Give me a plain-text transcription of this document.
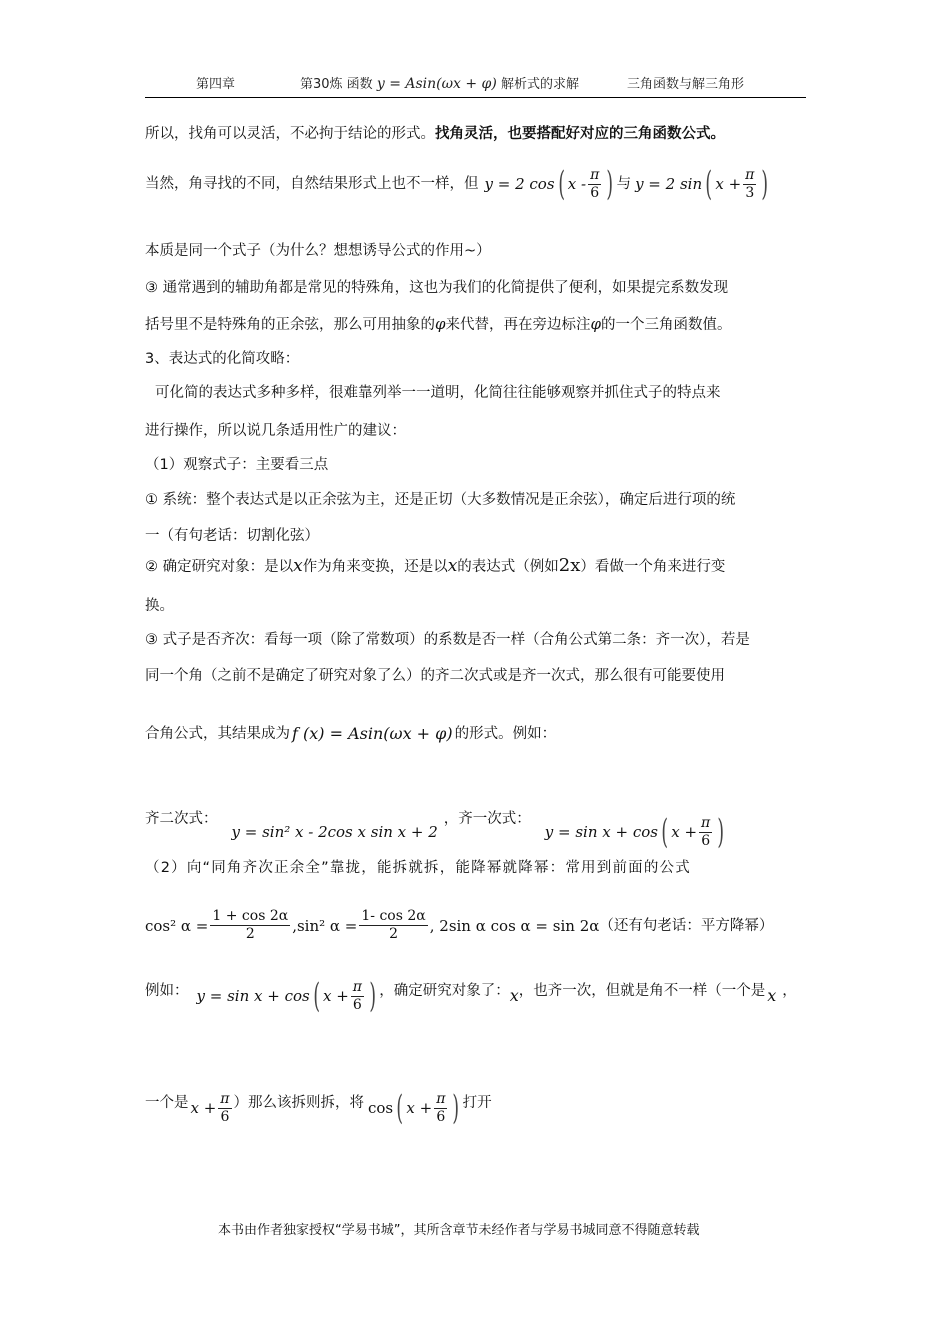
第四章	第30炼 函数 y = Asin(ωx + φ) 解析式的求解	三角函数与解三角形
所以，找角可以灵活，不必拘于结论的形式。找角灵活，也要搭配好对应的三角函数公式。
当然，角寻找的不同，自然结果形式上也不一样，但 y = 2 cos ( x - $\frac{\pi}{6}$ ) 与 y = 2 sin ( $x + \frac{\pi}{3}$ )
本质是同一个式子（为什么？想想诱导公式的作用~）
③ 通常遇到的辅助角都是常见的特殊角，这也为我们的化简提供了便利，如果提完系数发现
括号里不是特殊角的正余弦，那么可用抽象的φ来代替，再在旁边标注φ的一个三角函数值。
3、表达式的化简攻略：
可化简的表达式多种多样，很难靠列举一一道明，化简往往能够观察并抓住式子的特点来
进行操作，所以说几条适用性广的建议：
（1）观察式子：主要看三点
① 系统：整个表达式是以正余弦为主，还是正切（大多数情况是正余弦），确定后进行项的统
一（有句老话：切割化弦）
② 确定研究对象：是以x作为角来变换，还是以x的表达式（例如2x）看做一个角来进行变
换。
③ 式子是否齐次：看每一项（除了常数项）的系数是否一样（合角公式第二条：齐一次），若是
同一个角（之前不是确定了研究对象了么）的齐二次式或是齐一次式，那么很有可能要使用
合角公式，其结果成为 f (x) = Asin(ωx + φ) 的形式。例如：
齐二次式：
y = sin² x - 2cos x sin x + 2
，齐一次式：
y = sin x + cos ( $x + \frac{\pi}{6}$ )
（2）向“同角齐次正余全”靠拢，能拆就拆，能降幂就降幂：常用到前面的公式
cos² $\alpha = \frac{1 + \cos 2\alpha}{2} ,\sin^2$ $\alpha = \frac{1- \cos 2\alpha}{2}$ , 2sin α cos α = sin 2α （还有句老话：平方降幂）
例如： y = sin x + cos ( $x + \frac{\pi}{6}$ ) ，确定研究对象了： x ，也齐一次，但就是角不一样（一个是 x ，
一个是 $x + \frac{\pi}{6}$ ）那么该拆则拆，将 cos ( $x + \frac{\pi}{6}$ ) 打开
本书由作者独家授权“学易书城”，其所含章节未经作者与学易书城同意不得随意转载
